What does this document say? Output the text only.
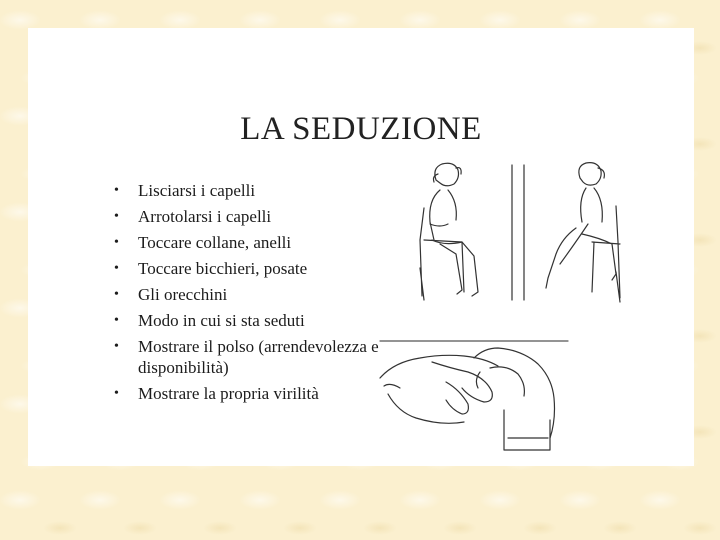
LA SEDUZIONE
• Lisciarsi i capelli
• Arrotolarsi i capelli
• Toccare collane, anelli
• Toccare bicchieri, posate
• Gli orecchini
• Modo in cui si sta seduti
• Mostrare il polso (arrendevolezza e disponibilità)
• Mostrare la propria virilità
